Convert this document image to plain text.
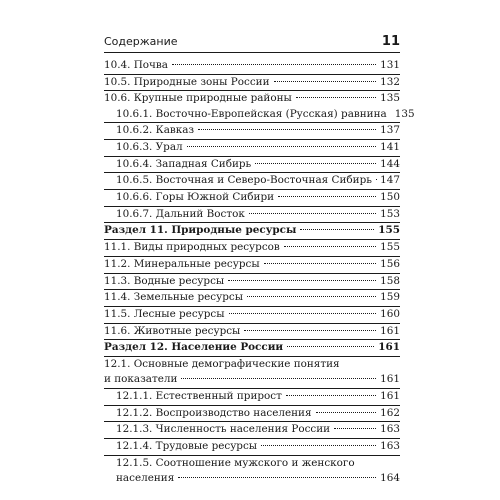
Содержание	11
10.4. Почва	131
10.5. Природные зоны России	132
10.6. Крупные природные районы	135
10.6.1. Восточно-Европейская (Русская) равнина 135
10.6.2. Кавказ	137
10.6.3. Урал	141
10.6.4. Западная Сибирь	144
10.6.5. Восточная и Северо-Восточная Сибирь 147
10.6.6. Горы Южной Сибири	150
10.6.7. Дальний Восток	153
Раздел 11. Природные ресурсы	155
11.1. Виды природных ресурсов	155
11.2. Минеральные ресурсы	156
11.3. Водные ресурсы	158
11.4. Земельные ресурсы	159
11.5. Лесные ресурсы	160
11.6. Животные ресурсы	161
Раздел 12. Население России	161
12.1. Основные демографические понятия
и показатели	161
12.1.1. Естественный прирост	161
12.1.2. Воспроизводство населения	162
12.1.3. Численность населения России	163
12.1.4. Трудовые ресурсы	163
12.1.5. Соотношение мужского и женского
населения	164
